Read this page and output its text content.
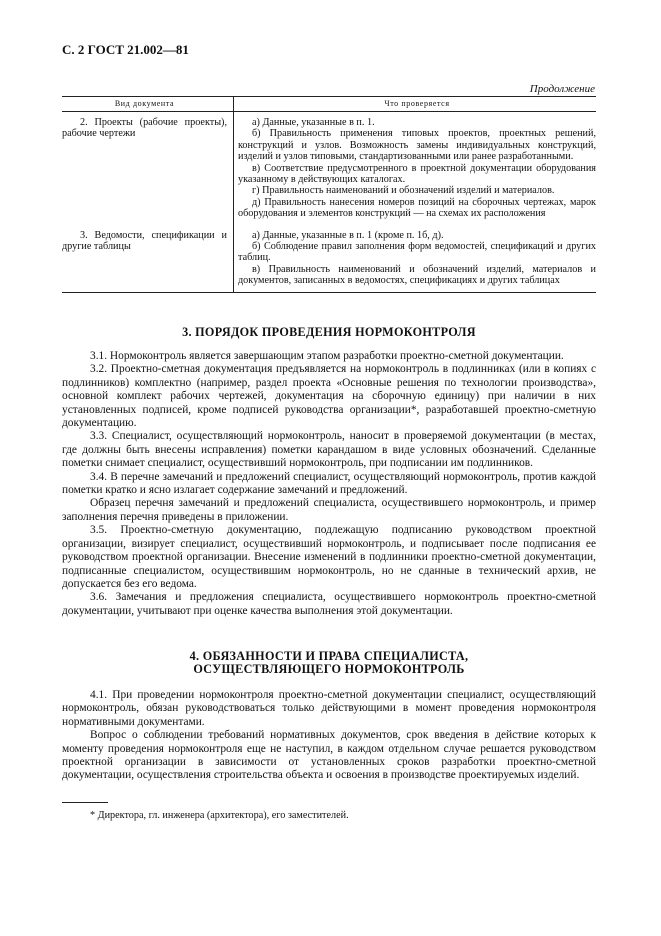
С. 2 ГОСТ 21.002—81
Продолжение
Вид документа	Что проверяется
2. Проекты (рабочие проекты), рабочие чертежи	а) Данные, указанные в п. 1.

б) Правильность применения типовых проектов, проектных решений, конструкций и узлов. Возможность замены индивидуальных конструкций, изделий и узлов типовыми, стандартизованными или ранее разработанными.

в) Соответствие предусмотренного в проектной документации оборудования указанному в действующих каталогах.

г) Правильность наименований и обозначений изделий и материалов.

д) Правильность нанесения номеров позиций на сборочных чертежах, марок оборудования и элементов конструкций — на схемах их расположения

3. Ведомости, спецификации и другие таблицы	а) Данные, указанные в п. 1 (кроме п. 1б, д).

б) Соблюдение правил заполнения форм ведомостей, спецификаций и других таблиц.

в) Правильность наименований и обозначений изделий, материалов и документов, записанных в ведомостях, спецификациях и других таблицах

3. ПОРЯДОК ПРОВЕДЕНИЯ НОРМОКОНТРОЛЯ

3.1. Нормоконтроль является завершающим этапом разработки проектно-сметной документации.

3.2. Проектно-сметная документация предъявляется на нормоконтроль в подлинниках (или в копиях с подлинников) комплектно (например, раздел проекта «Основные решения по технологии производства», основной комплект рабочих чертежей, документация на сборочную единицу) при наличии в них установленных подписей, кроме подписей руководства организации*, разработавшей проектно-сметную документацию.

3.3. Специалист, осуществляющий нормоконтроль, наносит в проверяемой документации (в местах, где должны быть внесены исправления) пометки карандашом в виде условных обозначений. Сделанные пометки снимает специалист, осуществивший нормоконтроль, при подписании им подлинников.

3.4. В перечне замечаний и предложений специалист, осуществляющий нормоконтроль, против каждой пометки кратко и ясно излагает содержание замечаний и предложений.

Образец перечня замечаний и предложений специалиста, осуществившего нормоконтроль, и пример заполнения перечня приведены в приложении.

3.5. Проектно-сметную документацию, подлежащую подписанию руководством проектной организации, визирует специалист, осуществивший нормоконтроль, и подписывает после подписания ее руководством проектной организации. Внесение изменений в подлинники проектно-сметной документации, подписанные специалистом, осуществившим нормоконтроль, но не сданные в технический архив, не допускается без его ведома.

3.6. Замечания и предложения специалиста, осуществившего нормоконтроль проектно-сметной документации, учитывают при оценке качества выполнения этой документации.

4. ОБЯЗАННОСТИ И ПРАВА СПЕЦИАЛИСТА,
ОСУЩЕСТВЛЯЮЩЕГО НОРМОКОНТРОЛЬ

4.1. При проведении нормоконтроля проектно-сметной документации специалист, осуществляющий нормоконтроль, обязан руководствоваться только действующими в момент проведения нормоконтроля нормативными документами.

Вопрос о соблюдении требований нормативных документов, срок введения в действие которых к моменту проведения нормоконтроля еще не наступил, в каждом отдельном случае решается руководством проектной организации в зависимости от установленных сроков разработки проектно-сметной документации, осуществления строительства объекта и освоения в производстве проектируемых изделий.

* Директора, гл. инженера (архитектора), его заместителей.
